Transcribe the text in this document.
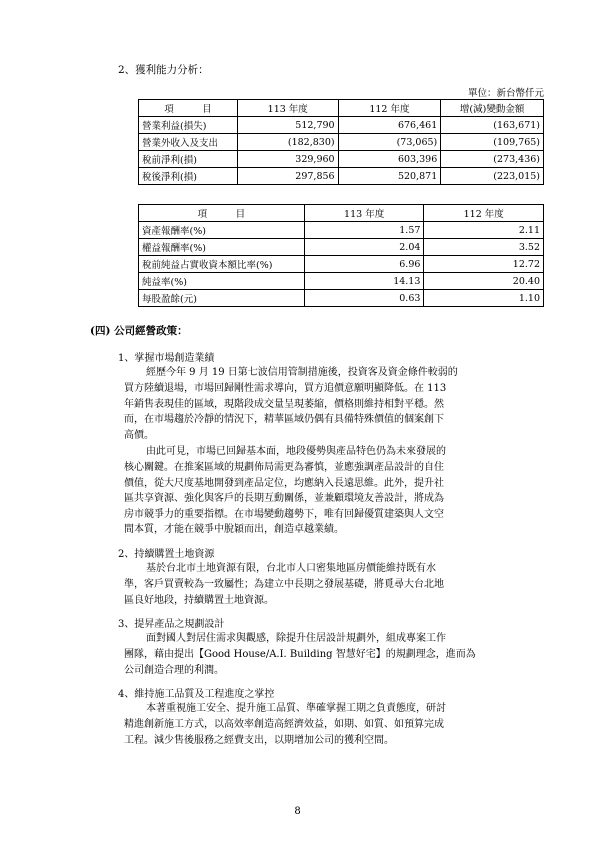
2、獲利能力分析：
單位：新台幣仟元
項　　　目	113 年度	112 年度	增(減)變動金額
營業利益(損失)	512,790	676,461	(163,671)
營業外收入及支出	(182,830)	(73,065)	(109,765)
稅前淨利(損)	329,960	603,396	(273,436)
稅後淨利(損)	297,856	520,871	(223,015)
項　　　目	113 年度	112 年度
資產報酬率(%)	1.57	2.11
權益報酬率(%)	2.04	3.52
稅前純益占實收資本額比率(%)	6.96	12.72
純益率(%)	14.13	20.40
每股盈餘(元)	0.63	1.10
(四) 公司經營政策：
1、掌握市場創造業績
經歷今年 9 月 19 日第七波信用管制措施後，投資客及資金條件較弱的
買方陸續退場，市場回歸剛性需求導向，買方追價意願明顯降低。在 113
年銷售表現佳的區域，現階段成交量呈現萎縮，價格則維持相對平穩。然
而，在市場趨於冷靜的情況下，精華區域仍偶有具備特殊價值的個案創下
高價。
由此可見，市場已回歸基本面，地段優勢與產品特色仍為未來發展的
核心關鍵。在推案區域的規劃佈局需更為審慎，並應強調產品設計的自住
價值，從大尺度基地開發到產品定位，均應納入長遠思維。此外，提升社
區共享資源、強化與客戶的長期互動關係，並兼顧環境友善設計，將成為
房市競爭力的重要指標。在市場變動趨勢下，唯有回歸優質建築與人文空
間本質，才能在競爭中脫穎而出，創造卓越業績。
2、持續購置土地資源
基於台北市土地資源有限，台北市人口密集地區房價能維持既有水
準，客戶買賣較為一致屬性；為建立中長期之發展基礎，將覓尋大台北地
區良好地段，持續購置土地資源。
3、提昇產品之規劃設計
面對國人對居住需求與觀感，除提升住居設計規劃外，組成專案工作
團隊，藉由提出【Good House/A.I. Building 智慧好宅】的規劃理念，進而為
公司創造合理的利潤。
4、維持施工品質及工程進度之掌控
本著重視施工安全、提升施工品質、準確掌握工期之負責態度，研討
精進創新施工方式，以高效率創造高經濟效益，如期、如質、如預算完成
工程。減少售後服務之經費支出，以期增加公司的獲利空間。
8
